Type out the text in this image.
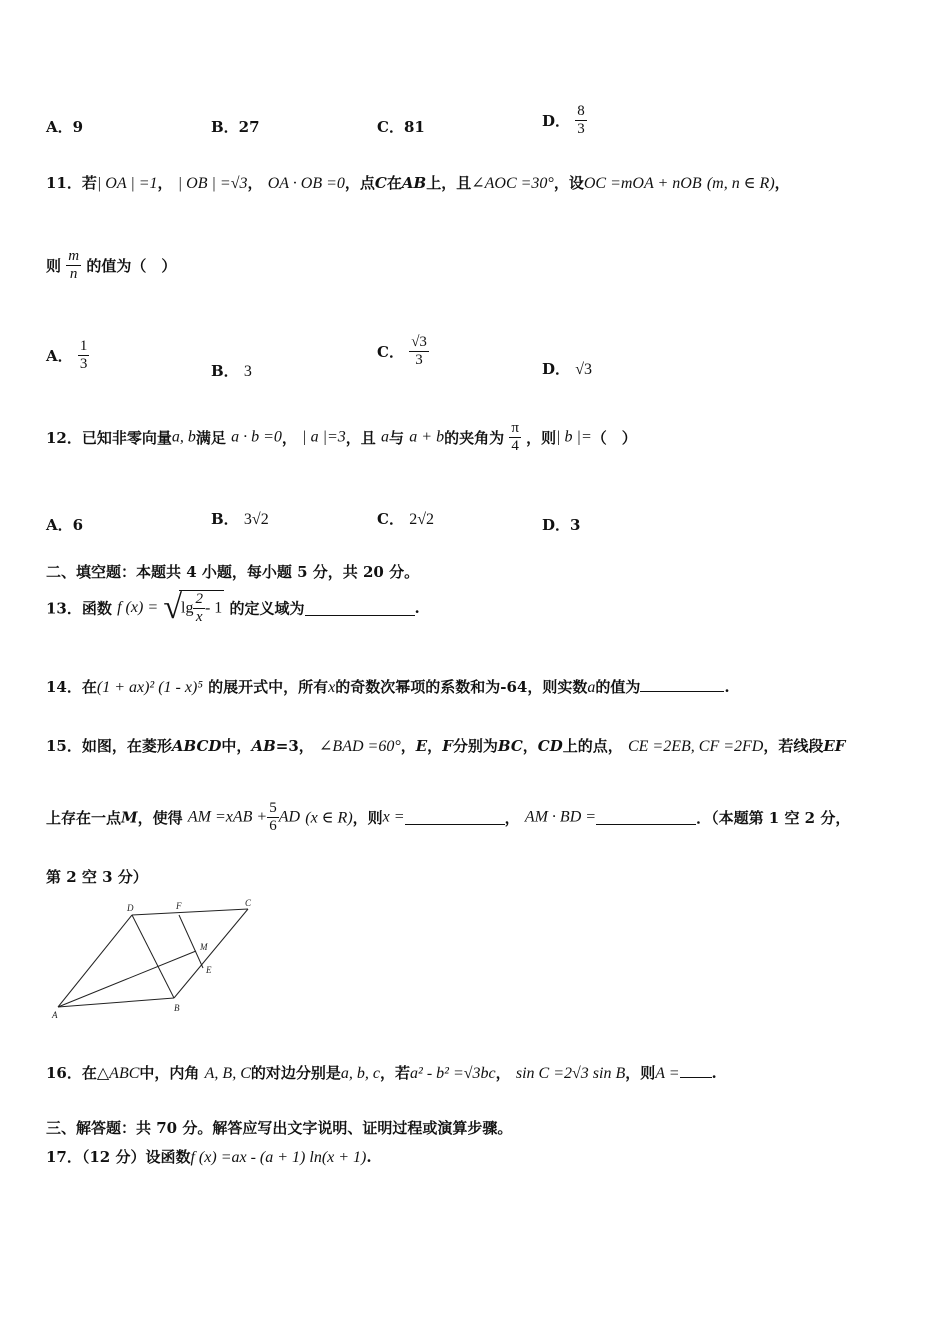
A．9	B．27	C．81	D． $\frac{8}{3}$
11．若| OA | =1， | OB | =√3， OA · OB =0，点C在AB上，且∠AOC =30°，设OC =mOA + nOB (m, n ∈ R)，
则 $\frac{m}{n}$ 的值为（　）
A． $\frac{1}{3}$	B． 3
C． $\frac{√3}{3}$	D． √3
12．已知非零向量a, b满足 a · b =0， | a |=3，且 a与 a + b的夹角为 $\frac{\pi}{4}$ ，则| b |=（　）
A．6	B． 3√2	C． 2√2	D．3
二、填空题：本题共 4 小题，每小题 5 分，共 20 分。
13．函数 f $(x) = √\lg \frac{2}{x} - 1$ 的定义域为	.
14．在(1 + ax)² (1 - x)⁵ 的展开式中，所有x的奇数次幂项的系数和为-64，则实数a的值为	.
15．如图，在菱形ABCD中，AB=3， ∠BAD =60°，E，F分别为BC，CD上的点， CE =2EB, CF =2FD，若线段EF
上存在一点M，使得 AM $=xAB + \frac{5}{6}$ AD (x ∈ R)，则x =	， AM · BD =	．（本题第 1 空 2 分，
第 2 空 3 分）
A
B
C
D
E
F
M
16．在△ABC中，内角 A, B, C的对边分别是a, b, c，若a² - b² =√3bc， sin C =2√3 sin B，则A = .
三、解答题：共 70 分。解答应写出文字说明、证明过程或演算步骤。
17．（12 分）设函数f (x) =ax - (a + 1) ln(x + 1).
